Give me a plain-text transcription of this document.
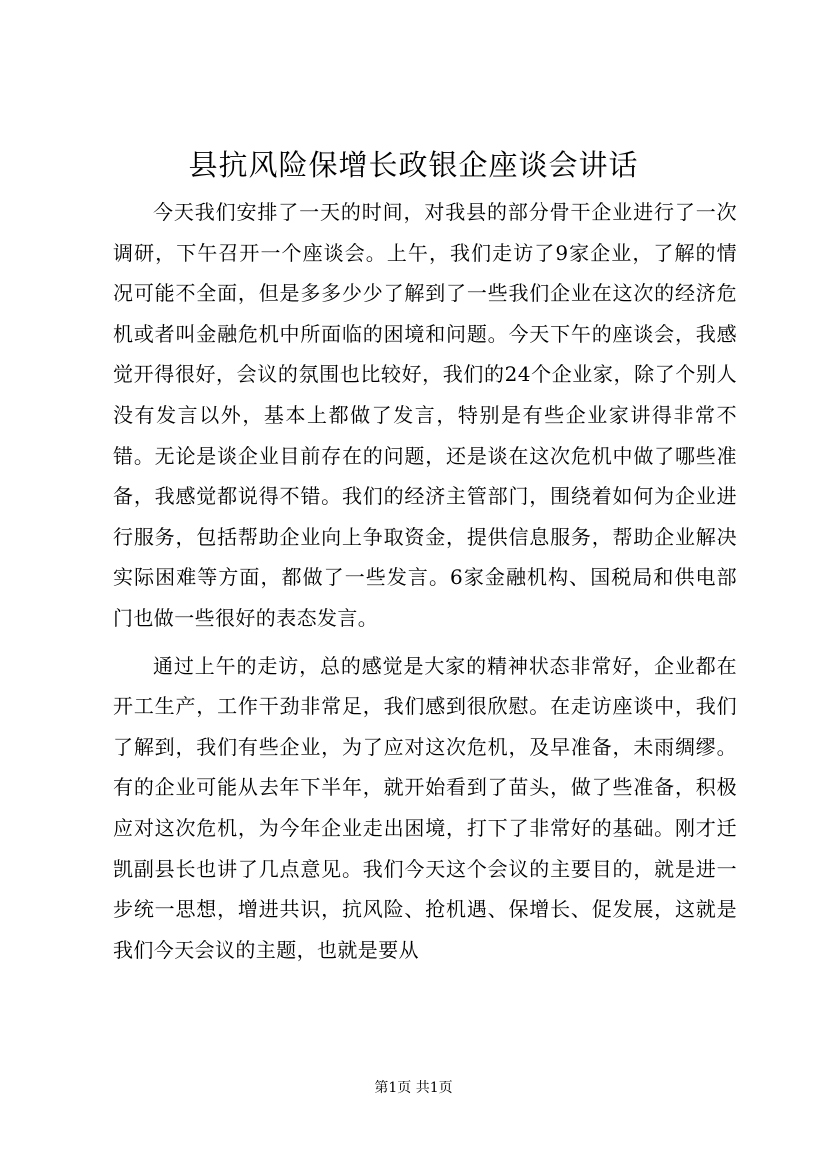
县抗风险保增长政银企座谈会讲话

今天我们安排了一天的时间，对我县的部分骨干企业进行了一次调研，下午召开一个座谈会。上午，我们走访了9家企业，了解的情况可能不全面，但是多多少少了解到了一些我们企业在这次的经济危机或者叫金融危机中所面临的困境和问题。今天下午的座谈会，我感觉开得很好，会议的氛围也比较好，我们的24个企业家，除了个别人没有发言以外，基本上都做了发言，特别是有些企业家讲得非常不错。无论是谈企业目前存在的问题，还是谈在这次危机中做了哪些准备，我感觉都说得不错。我们的经济主管部门，围绕着如何为企业进行服务，包括帮助企业向上争取资金，提供信息服务，帮助企业解决实际困难等方面，都做了一些发言。6家金融机构、国税局和供电部门也做一些很好的表态发言。

通过上午的走访，总的感觉是大家的精神状态非常好，企业都在开工生产，工作干劲非常足，我们感到很欣慰。在走访座谈中，我们了解到，我们有些企业，为了应对这次危机，及早准备，未雨绸缪。有的企业可能从去年下半年，就开始看到了苗头，做了些准备，积极应对这次危机，为今年企业走出困境，打下了非常好的基础。刚才迁凯副县长也讲了几点意见。我们今天这个会议的主要目的，就是进一步统一思想，增进共识，抗风险、抢机遇、保增长、促发展，这就是我们今天会议的主题，也就是要从

第1页 共1页
